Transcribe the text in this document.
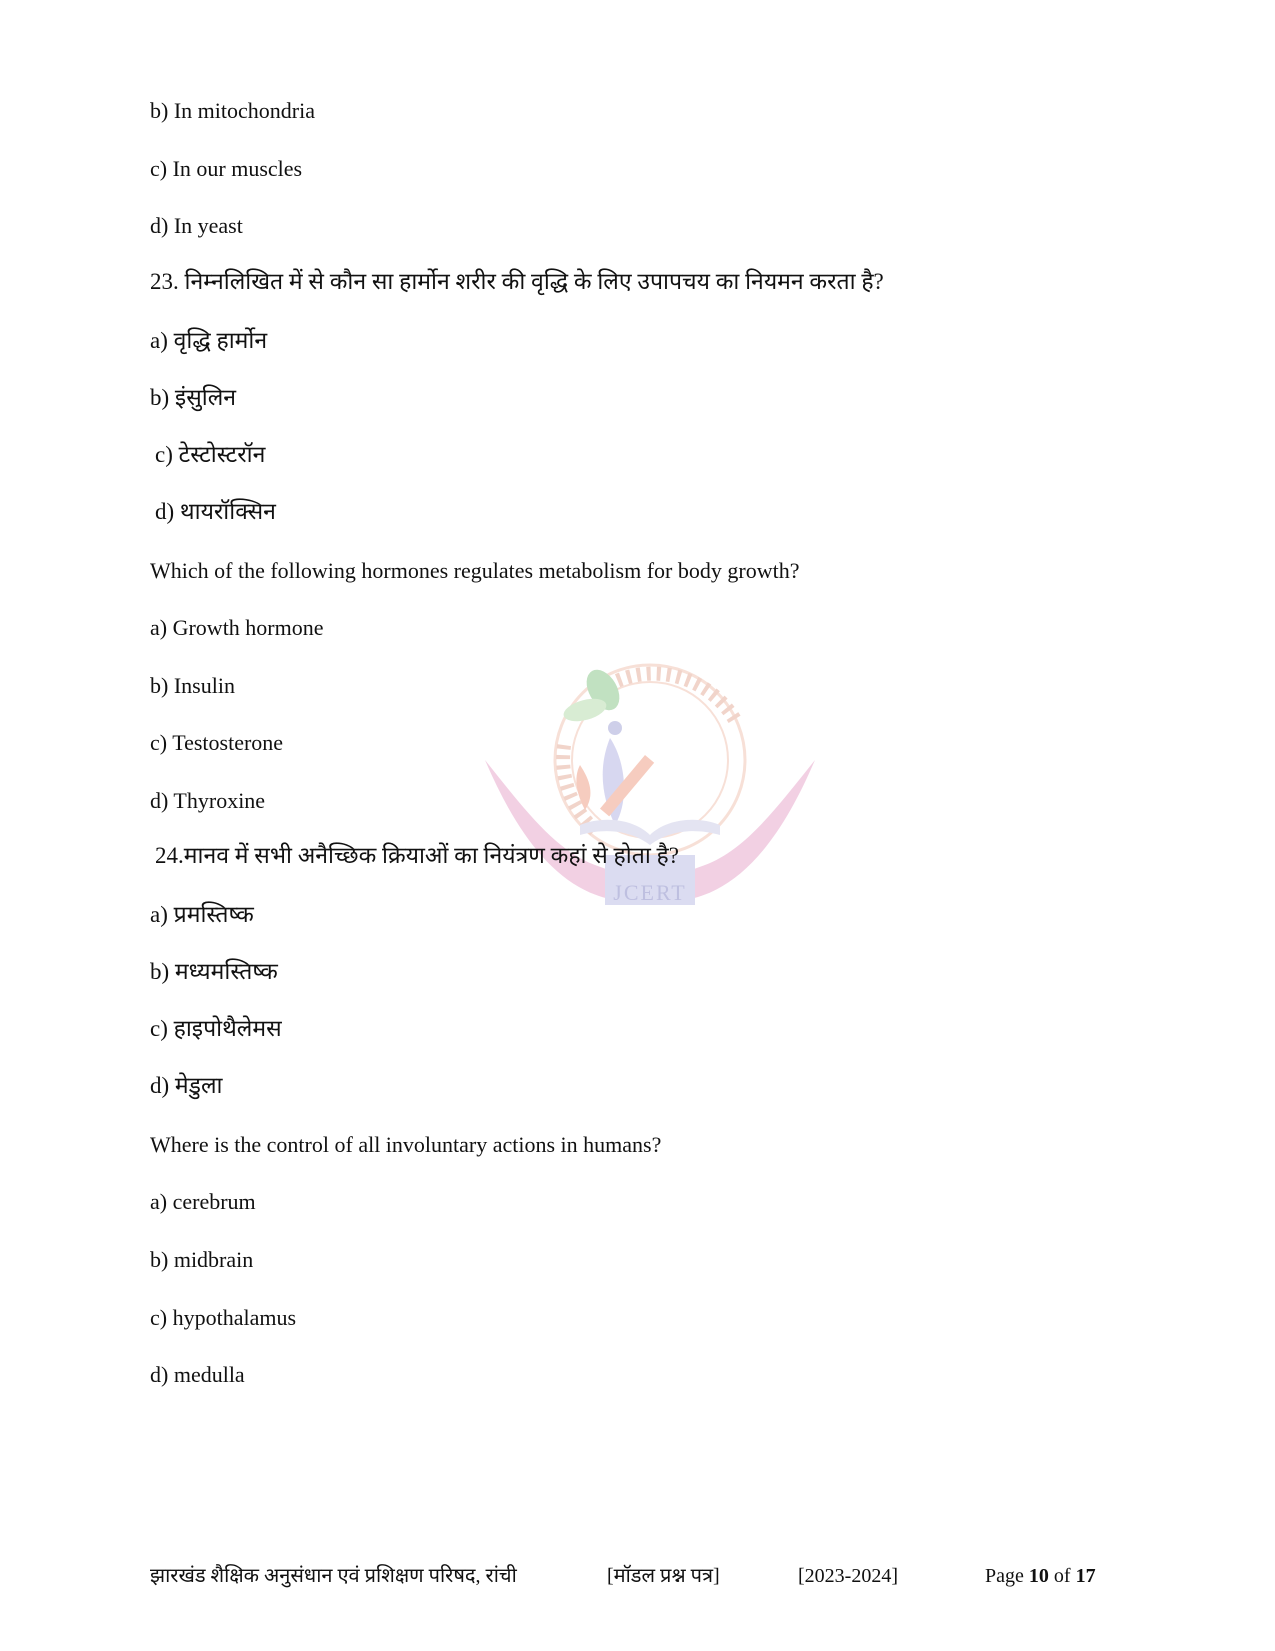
JCERT
b) In mitochondria
c) In our muscles
d) In yeast
23. निम्नलिखित में से कौन सा हार्मोन शरीर की वृद्धि के लिए उपापचय का नियमन करता है?
a) वृद्धि हार्मोन
b) इंसुलिन
c) टेस्टोस्टरॉन
d) थायरॉक्सिन
Which of the following hormones regulates metabolism for body growth?
a) Growth hormone
b) Insulin
c) Testosterone
d) Thyroxine
24.मानव में सभी अनैच्छिक क्रियाओं का नियंत्रण कहां से होता है?
a) प्रमस्तिष्क
b) मध्यमस्तिष्क
c) हाइपोथैलेमस
d) मेडुला
Where is the control of all involuntary actions in humans?
a) cerebrum
b) midbrain
c) hypothalamus
d) medulla
झारखंड शैक्षिक अनुसंधान एवं प्रशिक्षण परिषद, रांची	[मॉडल प्रश्न पत्र]	[2023-2024]	Page 10 of 17
